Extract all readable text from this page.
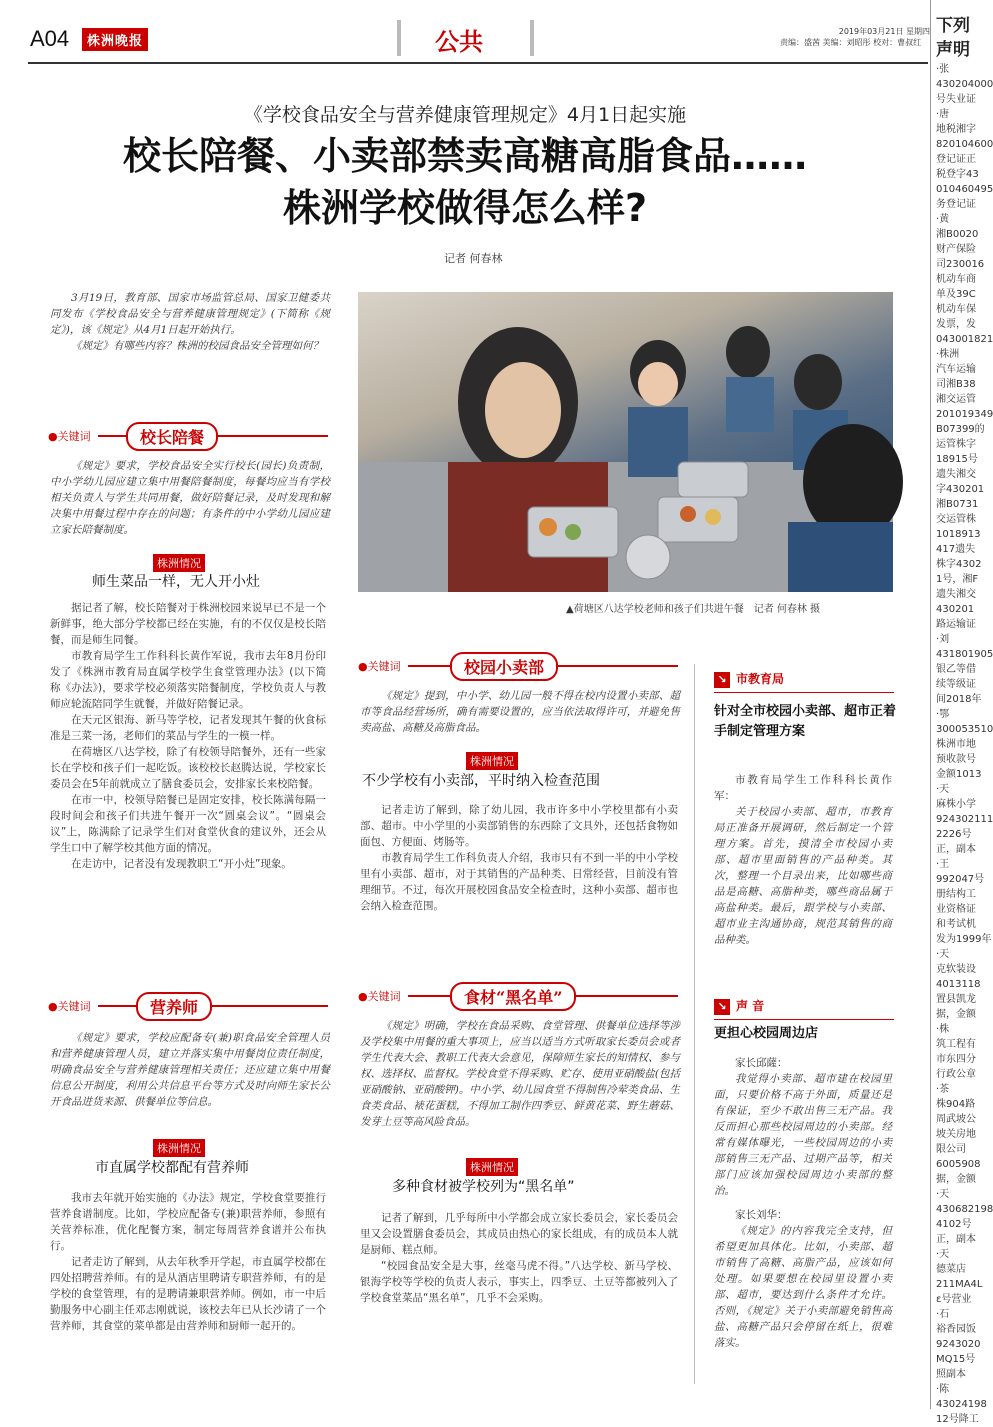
A04	株洲晚报	公共	2019年03月21日 星期四
责编：盛茜 美编：刘昭彤 校对：曹叔红
下列
声明
·张
430204000
号失业证
·唐
地税湘字
820104600
登记证正
税登字43
010460495
务登记证
·黄
湘B0020
财产保险
司230016
机动车商
单及39C
机动车保
发票，发
043001821
·株洲
汽车运输
司湘B38
湘交运管
201019349
B07399的
运管株字
18915号
遗失湘交
字430201
湘B0731
交运管株
1018913
417遗失
株字4302
1号，湘F
遗失湘交
430201
路运输证
·刘
431801905
银乙等借
续等级证
间2018年
·鄂
300053510
株洲市地
预收款号
金额1013
·天
麻株小学
924302111
2226号
正，副本
·王
992047号
册结构工
业资格证
和考试机
发为1999年
·天
克软装设
4013118
置县凯龙
据，金额
·株
筑工程有
市东四分
行政公章
·茶
株904路
周武坡公
坡关房地
限公司
6005908
据，金额
·天
430682198
4102号
正，副本
·天
德菜店
211MA4L
ε号营业
·石
裕香园饭
9243020
MQ15号
照副本
·陈
43024198
12号降工
《学校食品安全与营养健康管理规定》4月1日起实施
校长陪餐、小卖部禁卖高糖高脂食品……
株洲学校做得怎么样?
记者 何春林

3月19日，教育部、国家市场监管总局、国家卫健委共同发布《学校食品安全与营养健康管理规定》(下简称《规定》)，该《规定》从4月1日起开始执行。

《规定》有哪些内容？株洲的校园食品安全管理如何？

▲荷塘区八达学校老师和孩子们共进午餐　记者 何春林 摄
●关键词	校长陪餐

《规定》要求，学校食品安全实行校长(园长)负责制，中小学幼儿园应建立集中用餐陪餐制度，每餐均应当有学校相关负责人与学生共同用餐，做好陪餐记录，及时发现和解决集中用餐过程中存在的问题；有条件的中小学幼儿园应建立家长陪餐制度。

株洲情况
师生菜品一样，无人开小灶

据记者了解，校长陪餐对于株洲校园来说早已不是一个新鲜事，绝大部分学校都已经在实施，有的不仅仅是校长陪餐，而是师生同餐。

市教育局学生工作科科长黄作军说，我市去年8月份印发了《株洲市教育局直属学校学生食堂管理办法》(以下简称《办法》)，要求学校必须落实陪餐制度，学校负责人与教师应轮流陪同学生就餐，并做好陪餐记录。

在天元区银海、新马等学校，记者发现其午餐的伙食标准是三菜一汤，老师们的菜品与学生的一模一样。

在荷塘区八达学校，除了有校领导陪餐外，还有一些家长在学校和孩子们一起吃饭。该校校长赵腾达说，学校家长委员会在5年前就成立了膳食委员会，安排家长来校陪餐。

在市一中，校领导陪餐已是固定安排，校长陈满每隔一段时间会和孩子们共进午餐开一次“圆桌会议”。“圆桌会议”上，陈满除了记录学生们对食堂伙食的建议外，还会从学生口中了解学校其他方面的情况。

在走访中，记者没有发现教职工“开小灶”现象。

●关键词	营养师

《规定》要求，学校应配备专(兼)职食品安全管理人员和营养健康管理人员，建立并落实集中用餐岗位责任制度，明确食品安全与营养健康管理相关责任；还应建立集中用餐信息公开制度，利用公共信息平台等方式及时向师生家长公开食品进货来源、供餐单位等信息。

株洲情况
市直属学校都配有营养师

我市去年就开始实施的《办法》规定，学校食堂要推行营养食谱制度。比如，学校应配备专(兼)职营养师，参照有关营养标准，优化配餐方案，制定每周营养食谱并公布执行。

记者走访了解到，从去年秋季开学起，市直属学校都在四处招聘营养师。有的是从酒店里聘请专职营养师，有的是学校的食堂管理，有的是聘请兼职营养师。例如，市一中后勤服务中心副主任邓志刚就说，该校去年已从长沙请了一个营养师，其食堂的菜单都是由营养师和厨师一起开的。

●关键词	校园小卖部

《规定》提到，中小学、幼儿园一般不得在校内设置小卖部、超市等食品经营场所，确有需要设置的，应当依法取得许可，并避免售卖高盐、高糖及高脂食品。

株洲情况
不少学校有小卖部，平时纳入检查范围

记者走访了解到，除了幼儿园，我市许多中小学校里都有小卖部、超市。中小学里的小卖部销售的东西除了文具外，还包括食物如面包、方便面、烤肠等。

市教育局学生工作科负责人介绍，我市只有不到一半的中小学校里有小卖部、超市，对于其销售的产品种类、日常经营，目前没有管理细节。不过，每次开展校园食品安全检查时，这种小卖部、超市也会纳入检查范围。

●关键词	食材“黑名单”

《规定》明确，学校在食品采购、食堂管理、供餐单位选择等涉及学校集中用餐的重大事项上，应当以适当方式听取家长委员会或者学生代表大会、教职工代表大会意见，保障师生家长的知情权、参与权、选择权、监督权。学校食堂不得采购、贮存、使用亚硝酸盐(包括亚硝酸钠、亚硝酸钾)。中小学、幼儿园食堂不得制售冷荤类食品、生食类食品、裱花蛋糕，不得加工制作四季豆、鲜黄花菜、野生蘑菇、发芽土豆等高风险食品。

株洲情况
多种食材被学校列为“黑名单”

记者了解到，几乎每所中小学都会成立家长委员会，家长委员会里又会设置膳食委员会，其成员由热心的家长组成，有的成员本人就是厨师、糕点师。

“校园食品安全是大事，丝毫马虎不得。”八达学校、新马学校、银海学校等学校的负责人表示，事实上，四季豆、土豆等都被列入了学校食堂菜品“黑名单”，几乎不会采购。

↘ 市教育局
针对全市校园小卖部、超市正着手制定管理方案

市教育局学生工作科科长黄作军：

关于校园小卖部、超市，市教育局正准备开展调研，然后制定一个管理方案。首先，摸清全市校园小卖部、超市里面销售的产品种类。其次，整理一个目录出来，比如哪些商品是高糖、高脂种类，哪些商品属于高盐种类。最后，跟学校与小卖部、超市业主沟通协商，规范其销售的商品种类。

↘ 声 音
更担心校园周边店

家长邱薩：

我觉得小卖部、超市建在校园里面，只要价格不高于外面，质量还是有保证，至少不敢出售三无产品。我反而担心那些校园周边的小卖部。经常有媒体曝光，一些校园周边的小卖部销售三无产品、过期产品等，相关部门应该加强校园周边小卖部的整治。

家长刘华：

《规定》的内容我完全支持，但希望更加具体化。比如，小卖部、超市销售了高糖、高脂产品，应该如何处理。如果要想在校园里设置小卖部、超市，要达到什么条件才允许。否则，《规定》关于小卖部避免销售高盐、高糖产品只会停留在纸上，很难落实。
